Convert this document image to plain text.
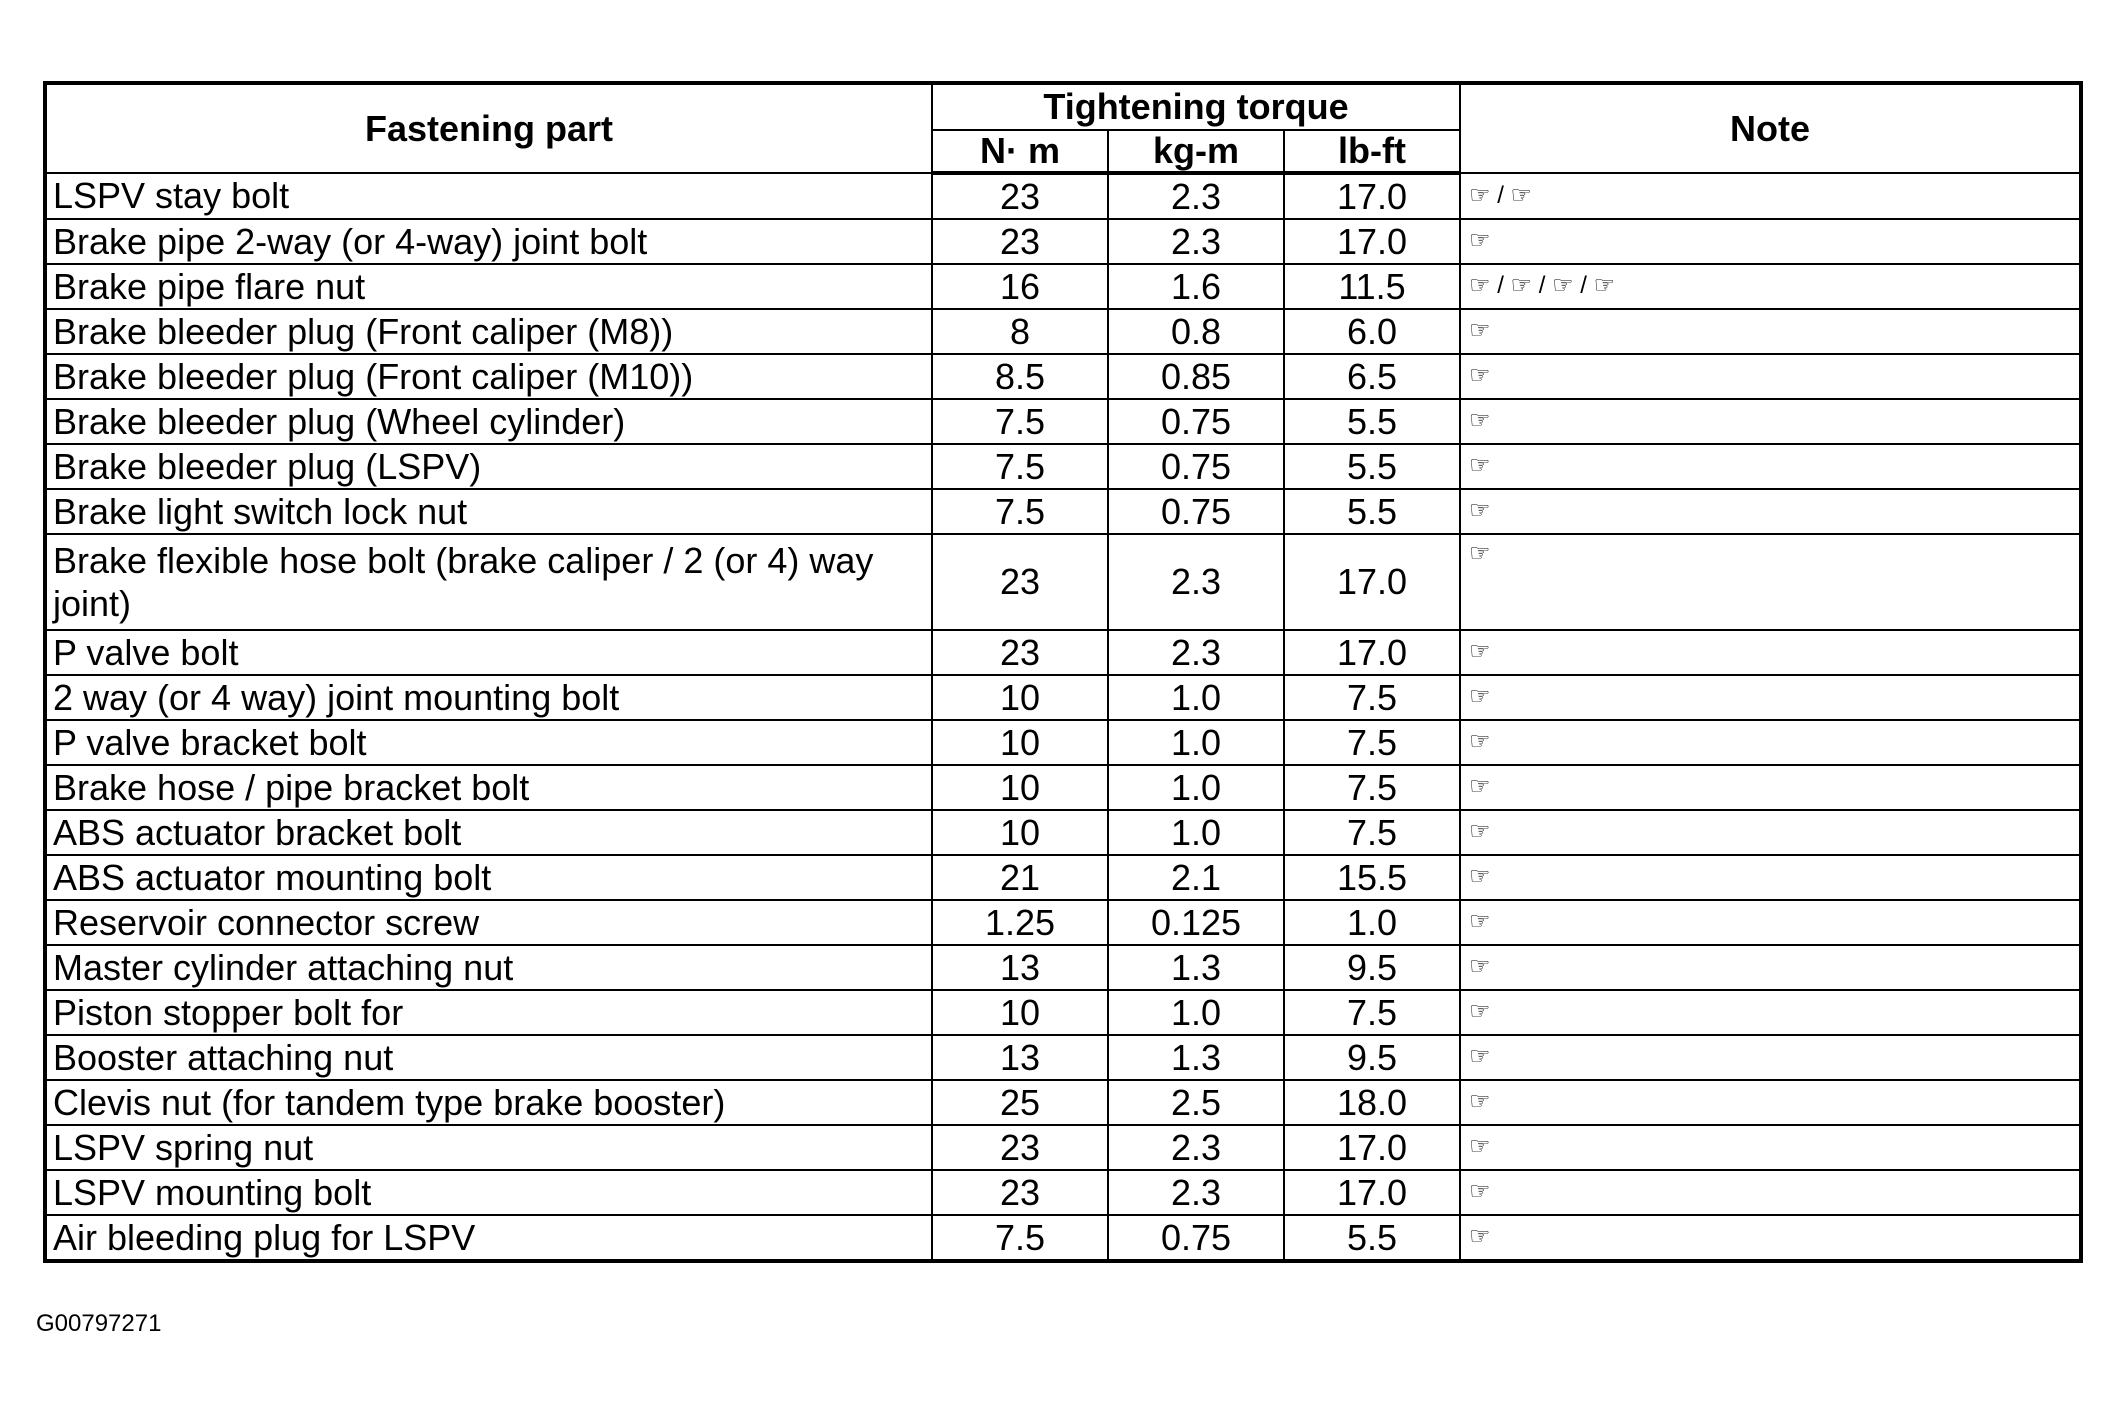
Fastening part	Tightening torque			Note
	N· m	kg-m	lb-ft	
LSPV stay bolt	23	2.3	17.0	☞ / ☞
Brake pipe 2-way (or 4-way) joint bolt	23	2.3	17.0	☞
Brake pipe flare nut	16	1.6	11.5	☞ / ☞ / ☞ / ☞
Brake bleeder plug (Front caliper (M8))	8	0.8	6.0	☞
Brake bleeder plug (Front caliper (M10))	8.5	0.85	6.5	☞
Brake bleeder plug (Wheel cylinder)	7.5	0.75	5.5	☞
Brake bleeder plug (LSPV)	7.5	0.75	5.5	☞
Brake light switch lock nut	7.5	0.75	5.5	☞
Brake flexible hose bolt (brake caliper / 2 (or 4) way joint)	23	2.3	17.0	☞
P valve bolt	23	2.3	17.0	☞
2 way (or 4 way) joint mounting bolt	10	1.0	7.5	☞
P valve bracket bolt	10	1.0	7.5	☞
Brake hose / pipe bracket bolt	10	1.0	7.5	☞
ABS actuator bracket bolt	10	1.0	7.5	☞
ABS actuator mounting bolt	21	2.1	15.5	☞
Reservoir connector screw	1.25	0.125	1.0	☞
Master cylinder attaching nut	13	1.3	9.5	☞
Piston stopper bolt for	10	1.0	7.5	☞
Booster attaching nut	13	1.3	9.5	☞
Clevis nut (for tandem type brake booster)	25	2.5	18.0	☞
LSPV spring nut	23	2.3	17.0	☞
LSPV mounting bolt	23	2.3	17.0	☞
Air bleeding plug for LSPV	7.5	0.75	5.5	☞
G00797271
